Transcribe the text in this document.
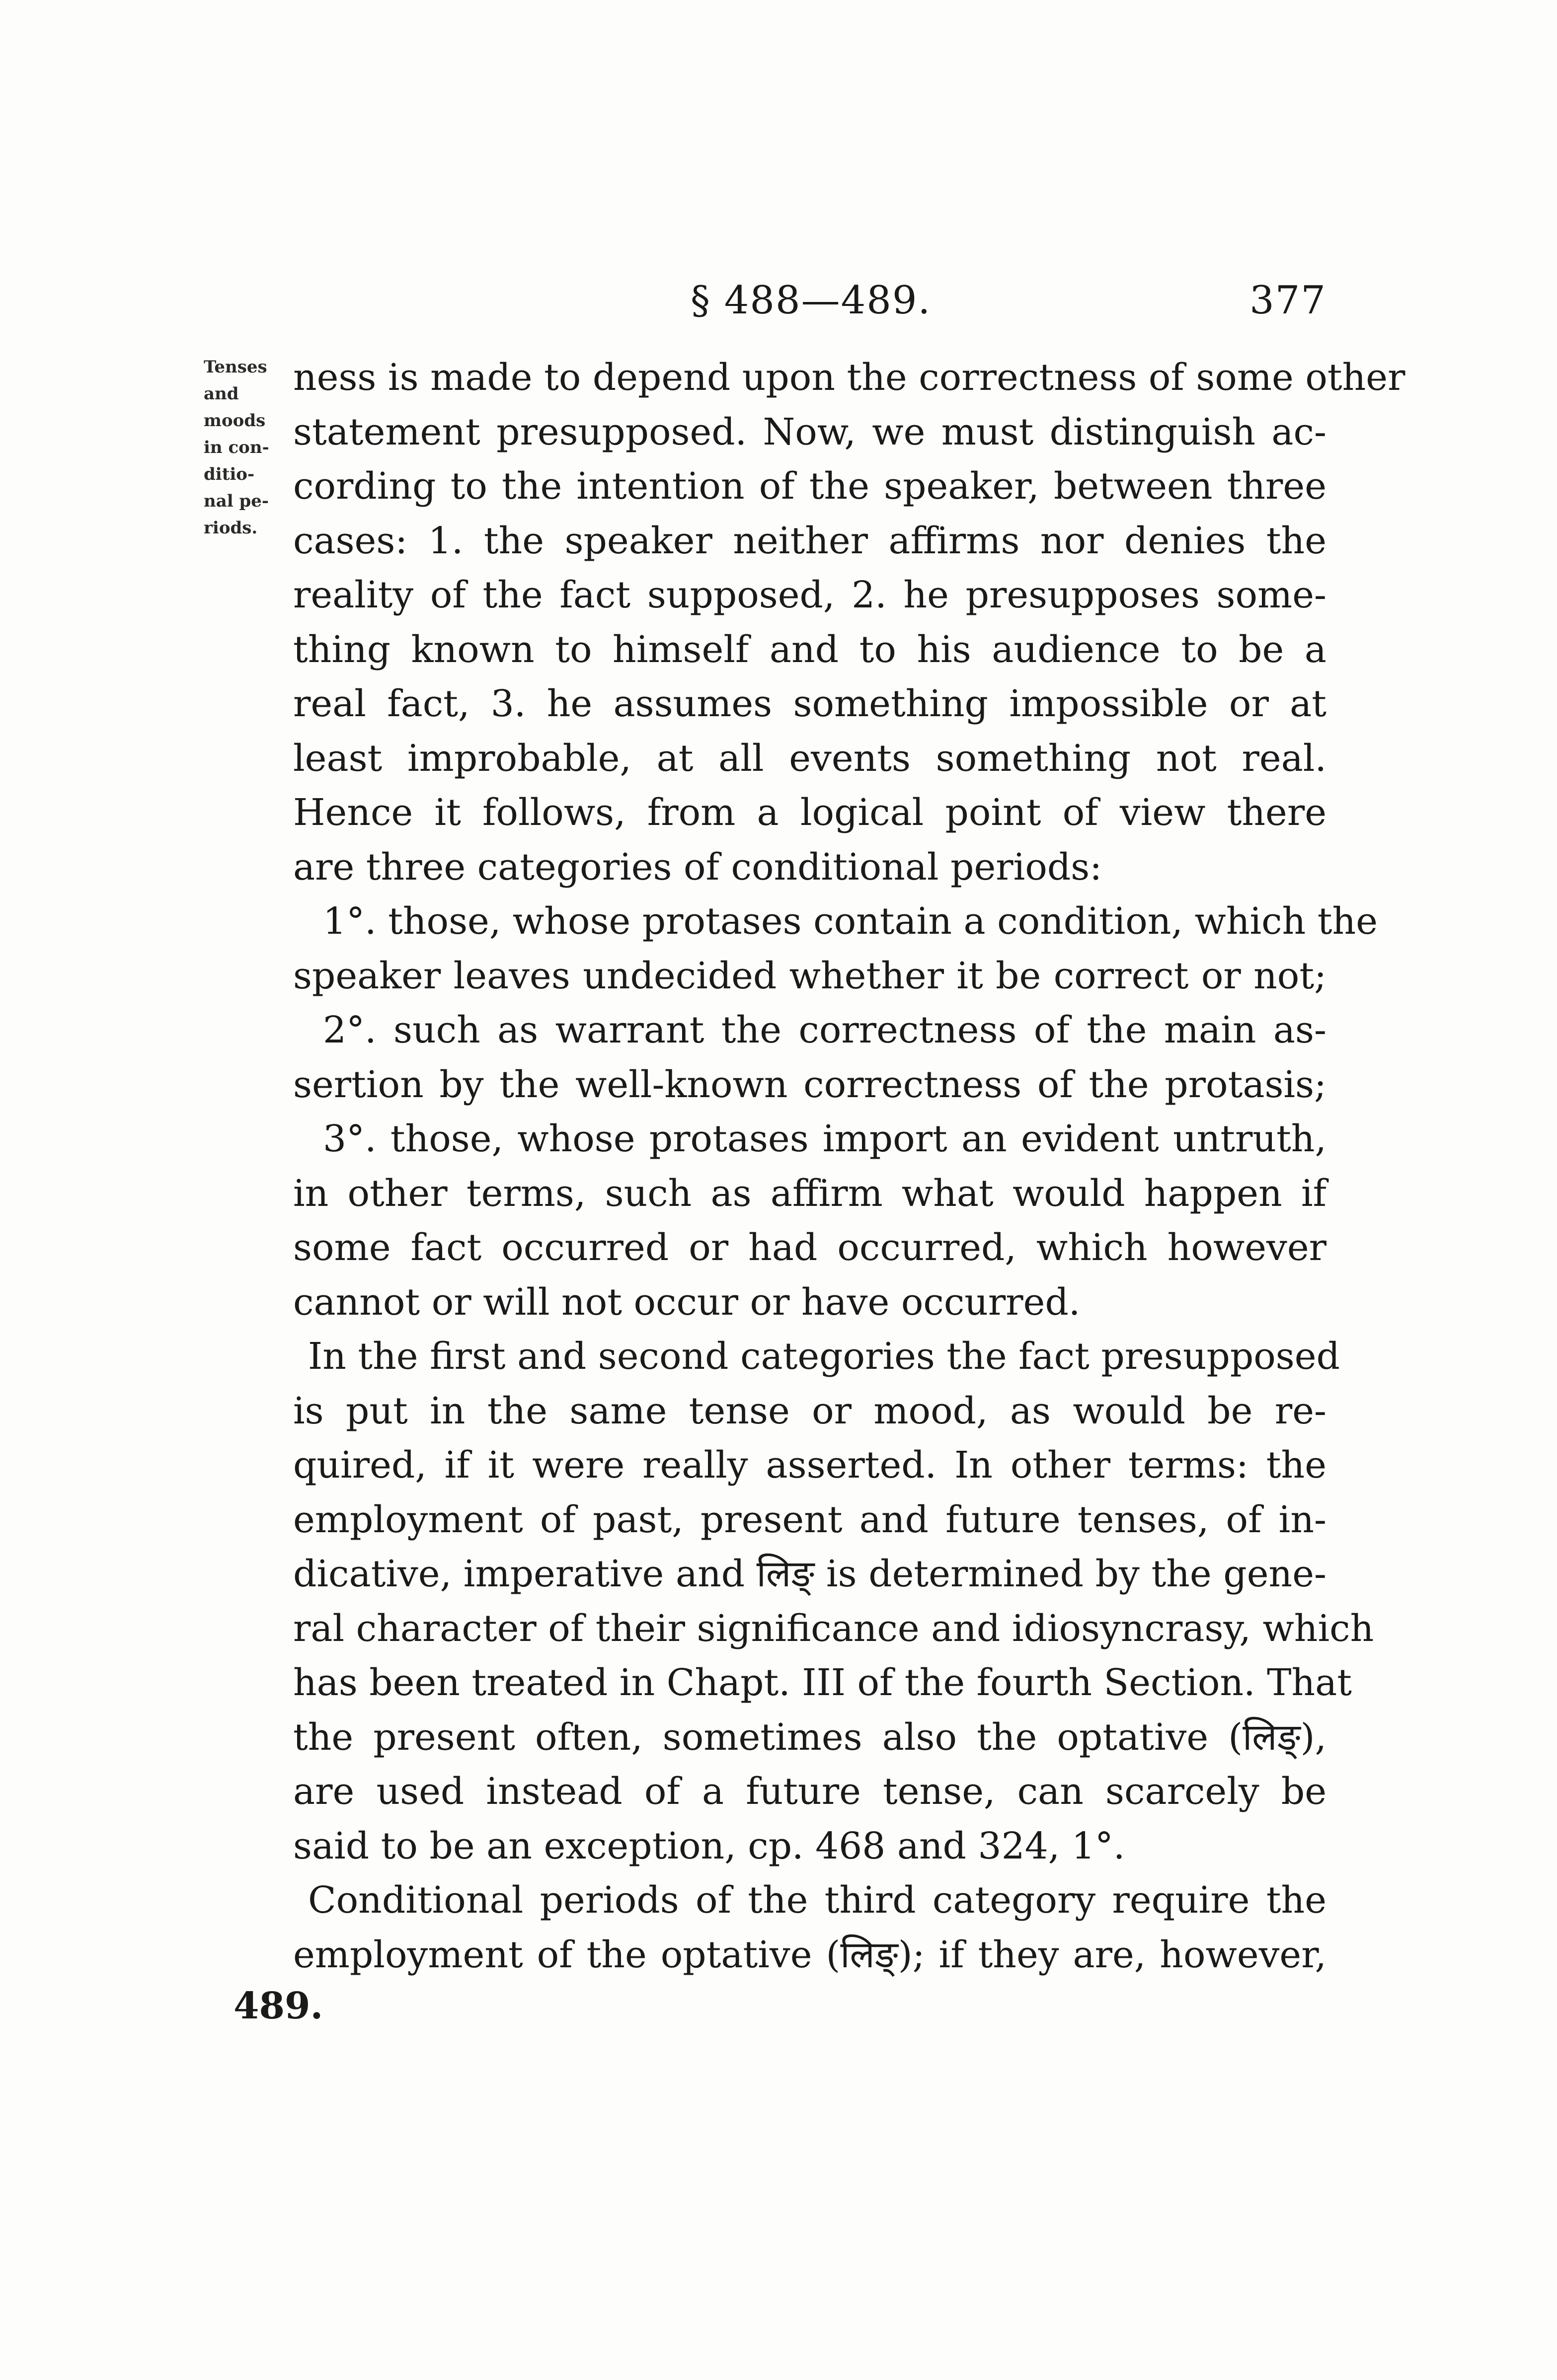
§ 488—489.	377
Tenses
and
moods
in con-
ditio-
nal pe-
riods.
489.
ness is made to depend upon the correctness of some other
statement presupposed. Now, we must distinguish ac-
cording to the intention of the speaker, between three
cases: 1. the speaker neither affirms nor denies the
reality of the fact supposed, 2. he presupposes some-
thing known to himself and to his audience to be a
real fact, 3. he assumes something impossible or at
least improbable, at all events something not real.
Hence it follows, from a logical point of view there
are three categories of conditional periods:
1°. those, whose protases contain a condition, which the
speaker leaves undecided whether it be correct or not;
2°. such as warrant the correctness of the main as-
sertion by the well-known correctness of the protasis;
3°. those, whose protases import an evident untruth,
in other terms, such as affirm what would happen if
some fact occurred or had occurred, which however
cannot or will not occur or have occurred.
In the first and second categories the fact presupposed
is put in the same tense or mood, as would be re-
quired, if it were really asserted. In other terms: the
employment of past, present and future tenses, of in-
dicative, imperative and लिङ् is determined by the gene-
ral character of their significance and idiosyncrasy, which
has been treated in Chapt. III of the fourth Section. That
the present often, sometimes also the optative (लिङ्),
are used instead of a future tense, can scarcely be
said to be an exception, cp. 468 and 324, 1°.
Conditional periods of the third category require the
employment of the optative (लिङ्); if they are, however,
